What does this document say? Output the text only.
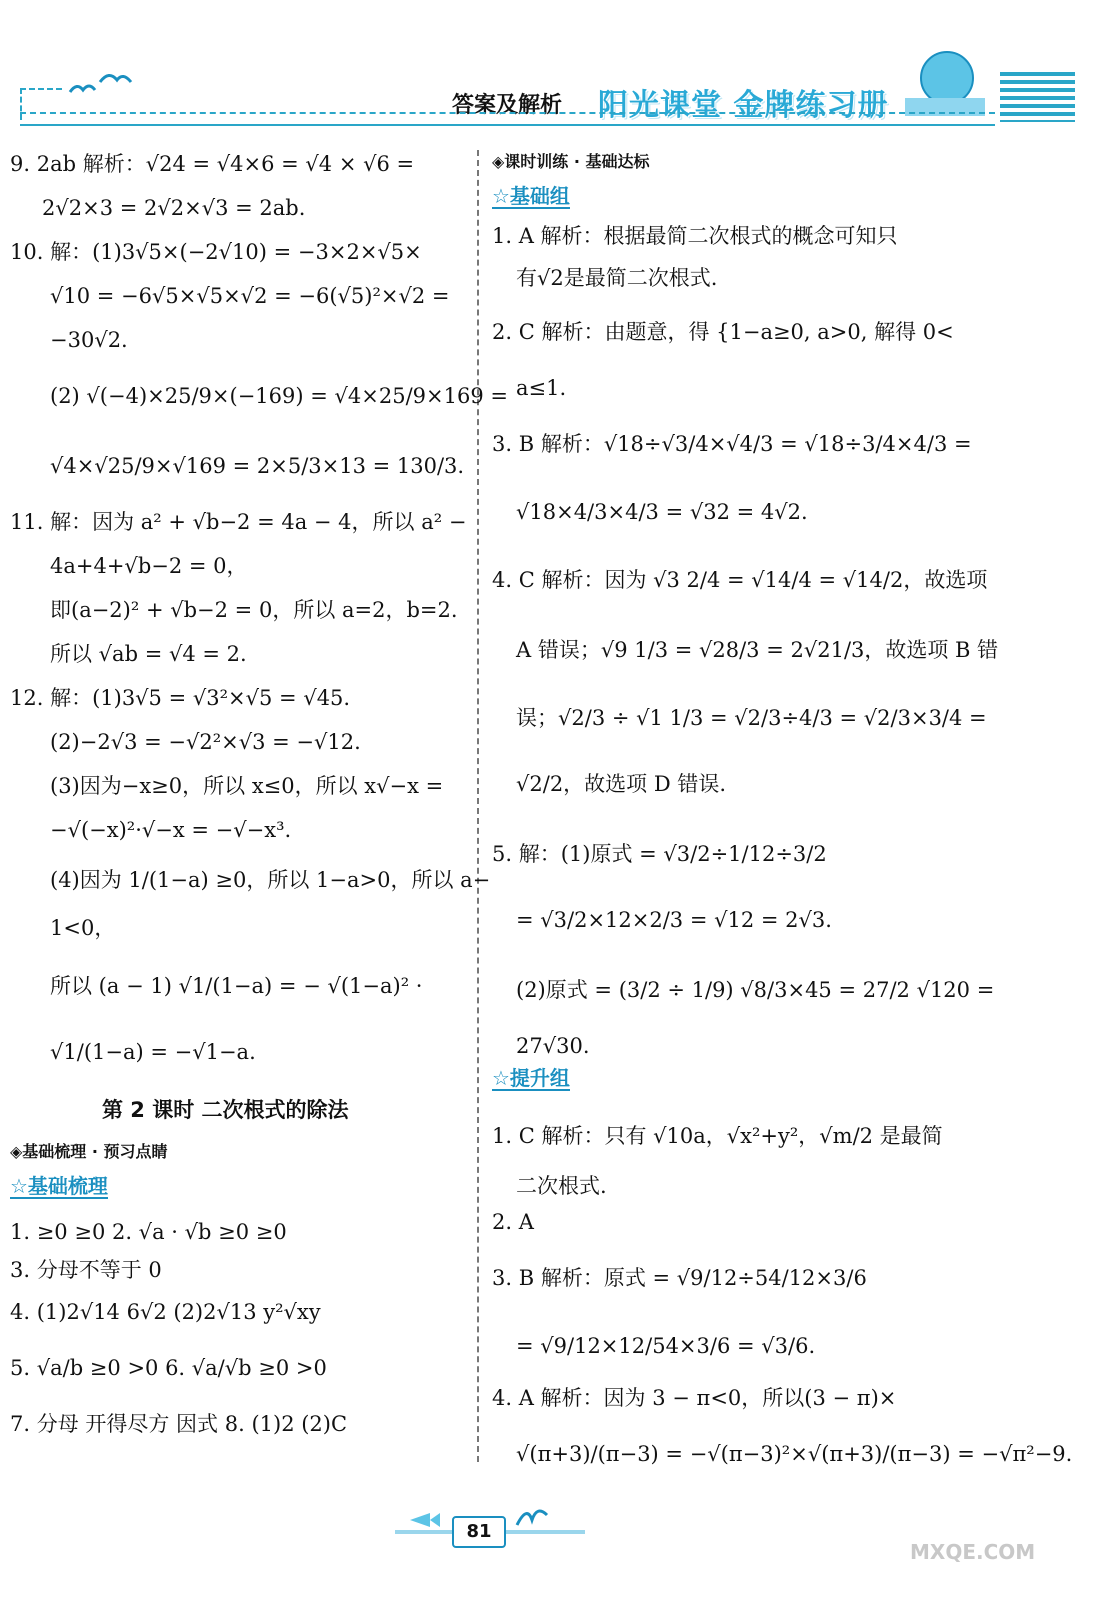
答案及解析 阳光课堂 金牌练习册
9. 2ab 解析：√24 = √4×6 = √4 × √6 =
2√2×3 = 2√2×√3 = 2ab.
10. 解：(1)3√5×(−2√10) = −3×2×√5×
√10 = −6√5×√5×√2 = −6(√5)²×√2 =
−30√2.
(2) √(−4)×25/9×(−169) = √4×25/9×169 =
√4×√25/9×√169 = 2×5/3×13 = 130/3.
11. 解：因为 a² + √b−2 = 4a − 4，所以 a² −
4a+4+√b−2 = 0，
即(a−2)² + √b−2 = 0，所以 a=2，b=2.
所以 √ab = √4 = 2.
12. 解：(1)3√5 = √3²×√5 = √45.
(2)−2√3 = −√2²×√3 = −√12.
(3)因为−x≥0，所以 x≤0，所以 x√−x =
−√(−x)²·√−x = −√−x³.
(4)因为 1/(1−a) ≥0，所以 1−a>0，所以 a−
1<0，
所以 (a − 1) √1/(1−a) = − √(1−a)² ·
√1/(1−a) = −√1−a.
第 2 课时 二次根式的除法
◈基础梳理 · 预习点睛
☆基础梳理
1. ≥0 ≥0 2. √a · √b ≥0 ≥0
3. 分母不等于 0
4. (1)2√14 6√2 (2)2√13 y²√xy
5. √a/b ≥0 >0 6. √a/√b ≥0 >0
7. 分母 开得尽方 因式 8. (1)2 (2)C
◈课时训练 · 基础达标
☆基础组
1. A 解析：根据最简二次根式的概念可知只
有√2是最简二次根式.
2. C 解析：由题意，得 {1−a≥0, a>0, 解得 0<
a≤1.
3. B 解析：√18÷√3/4×√4/3 = √18÷3/4×4/3 =
√18×4/3×4/3 = √32 = 4√2.
4. C 解析：因为 √3 2/4 = √14/4 = √14/2，故选项
A 错误；√9 1/3 = √28/3 = 2√21/3，故选项 B 错
误；√2/3 ÷ √1 1/3 = √2/3÷4/3 = √2/3×3/4 =
√2/2，故选项 D 错误.
5. 解：(1)原式 = √3/2÷1/12÷3/2
= √3/2×12×2/3 = √12 = 2√3.
(2)原式 = (3/2 ÷ 1/9) √8/3×45 = 27/2 √120 =
27√30.
☆提升组
1. C 解析：只有 √10a，√x²+y²，√m/2 是最简
二次根式.
2. A
3. B 解析：原式 = √9/12÷54/12×3/6
= √9/12×12/54×3/6 = √3/6.
4. A 解析：因为 3 − π<0，所以(3 − π)×
√(π+3)/(π−3) = −√(π−3)²×√(π+3)/(π−3) = −√π²−9.
81
MXQE.COM
